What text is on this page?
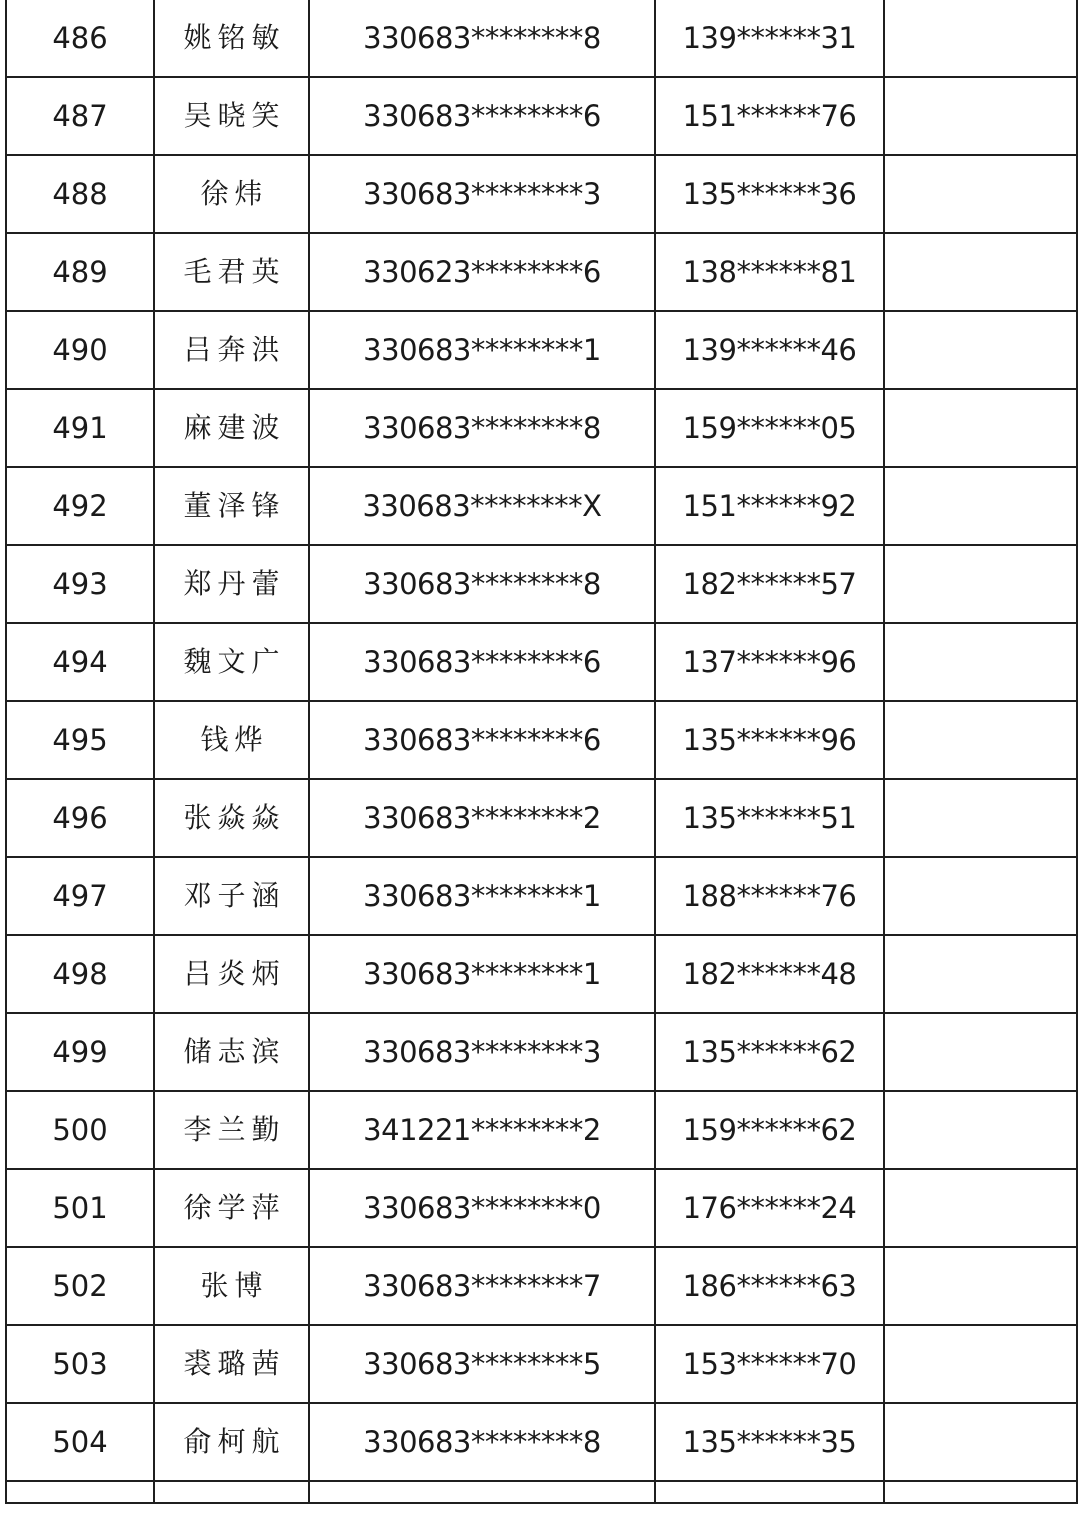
486	姚铭敏	330683********8	139******31	
487	吴晓笑	330683********6	151******76	
488	徐炜	330683********3	135******36	
489	毛君英	330623********6	138******81	
490	吕奔洪	330683********1	139******46	
491	麻建波	330683********8	159******05	
492	董泽锋	330683********X	151******92	
493	郑丹蕾	330683********8	182******57	
494	魏文广	330683********6	137******96	
495	钱烨	330683********6	135******96	
496	张焱焱	330683********2	135******51	
497	邓子涵	330683********1	188******76	
498	吕炎炳	330683********1	182******48	
499	储志滨	330683********3	135******62	
500	李兰勤	341221********2	159******62	
501	徐学萍	330683********0	176******24	
502	张博	330683********7	186******63	
503	裘璐茜	330683********5	153******70	
504	俞柯航	330683********8	135******35	
